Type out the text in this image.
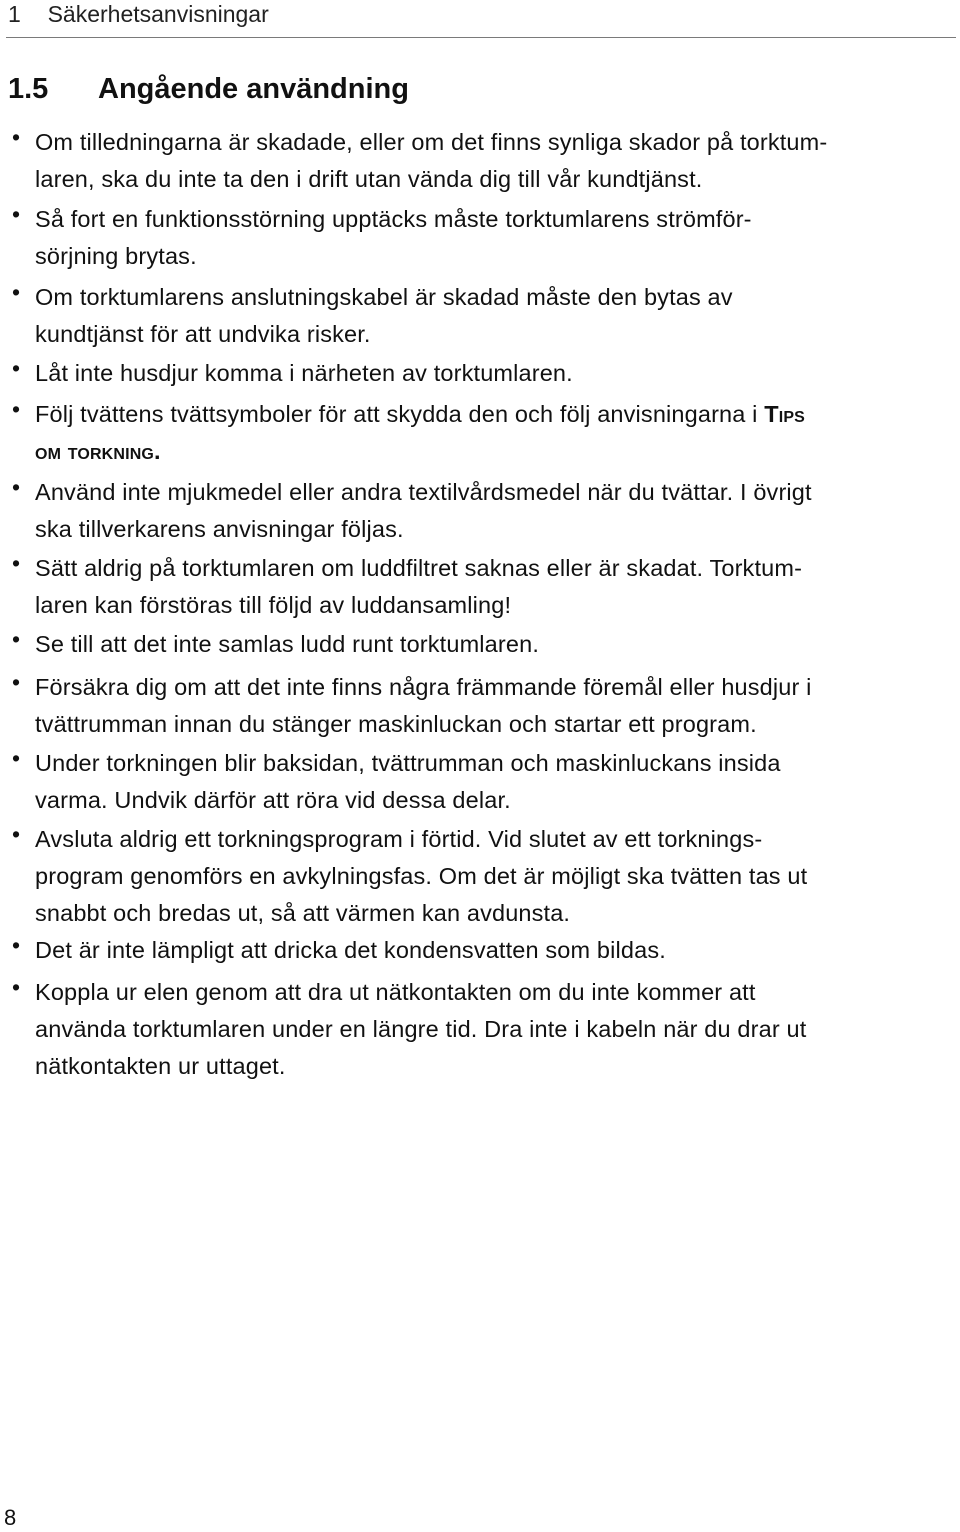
1 Säkerhetsanvisningar
1.5 Angående användning
• Om tilledningarna är skadade, eller om det finns synliga skador på torktum-
laren, ska du inte ta den i drift utan vända dig till vår kundtjänst.
• Så fort en funktionsstörning upptäcks måste torktumlarens strömför-
sörjning brytas.
• Om torktumlarens anslutningskabel är skadad måste den bytas av
kundtjänst för att undvika risker.
• Låt inte husdjur komma i närheten av torktumlaren.
• Följ tvättens tvättsymboler för att skydda den och följ anvisningarna i Tips
om torkning.
• Använd inte mjukmedel eller andra textilvårdsmedel när du tvättar. I övrigt
ska tillverkarens anvisningar följas.
• Sätt aldrig på torktumlaren om luddfiltret saknas eller är skadat. Torktum-
laren kan förstöras till följd av luddansamling!
• Se till att det inte samlas ludd runt torktumlaren.
• Försäkra dig om att det inte finns några främmande föremål eller husdjur i
tvättrumman innan du stänger maskinluckan och startar ett program.
• Under torkningen blir baksidan, tvättrumman och maskinluckans insida
varma. Undvik därför att röra vid dessa delar.
• Avsluta aldrig ett torkningsprogram i förtid. Vid slutet av ett torknings-
program genomförs en avkylningsfas. Om det är möjligt ska tvätten tas ut
snabbt och bredas ut, så att värmen kan avdunsta.
• Det är inte lämpligt att dricka det kondensvatten som bildas.
• Koppla ur elen genom att dra ut nätkontakten om du inte kommer att
använda torktumlaren under en längre tid. Dra inte i kabeln när du drar ut
nätkontakten ur uttaget.
8
